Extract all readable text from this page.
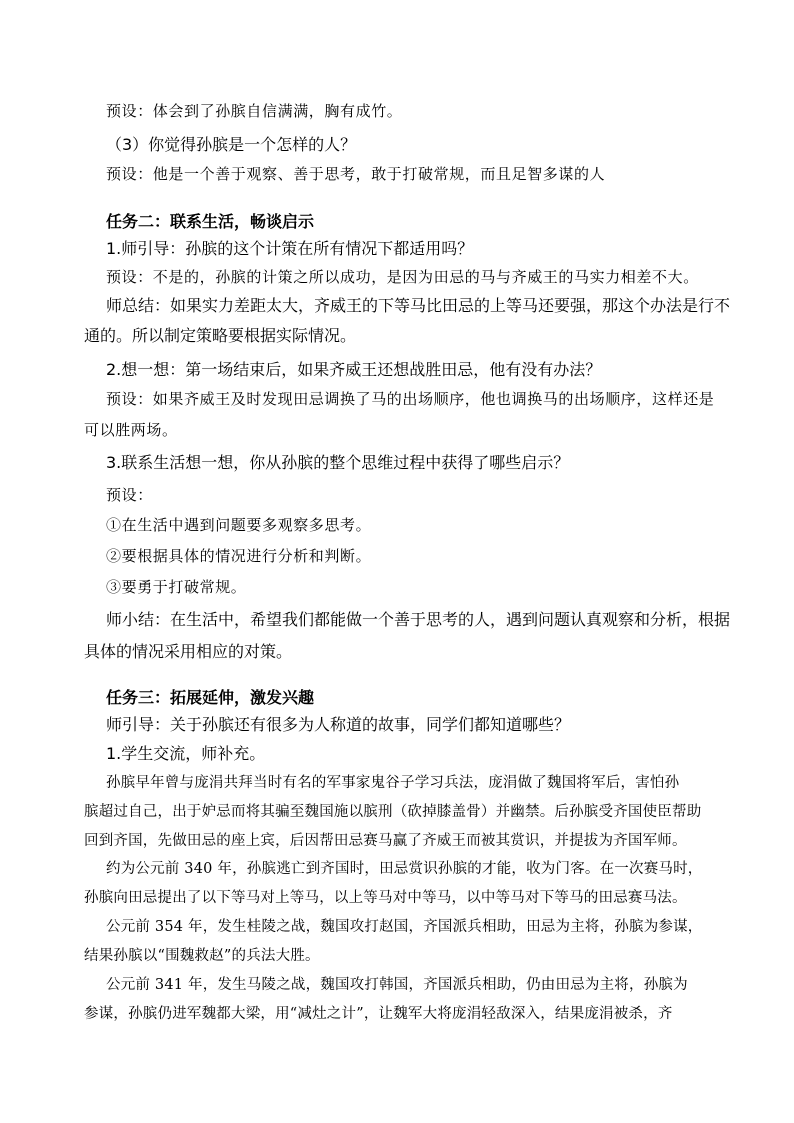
预设：体会到了孙膑自信满满，胸有成竹。
（3）你觉得孙膑是一个怎样的人？
预设：他是一个善于观察、善于思考，敢于打破常规，而且足智多谋的人
任务二：联系生活，畅谈启示
1.师引导：孙膑的这个计策在所有情况下都适用吗？
预设：不是的，孙膑的计策之所以成功，是因为田忌的马与齐威王的马实力相差不大。
师总结：如果实力差距太大，齐威王的下等马比田忌的上等马还要强，那这个办法是行不
通的。所以制定策略要根据实际情况。
2.想一想：第一场结束后，如果齐威王还想战胜田忌，他有没有办法？
预设：如果齐威王及时发现田忌调换了马的出场顺序，他也调换马的出场顺序，这样还是
可以胜两场。
3.联系生活想一想，你从孙膑的整个思维过程中获得了哪些启示？
预设：
①在生活中遇到问题要多观察多思考。
②要根据具体的情况进行分析和判断。
③要勇于打破常规。
师小结：在生活中，希望我们都能做一个善于思考的人，遇到问题认真观察和分析，根据
具体的情况采用相应的对策。
任务三：拓展延伸，激发兴趣
师引导：关于孙膑还有很多为人称道的故事，同学们都知道哪些？
1.学生交流，师补充。
孙膑早年曾与庞涓共拜当时有名的军事家鬼谷子学习兵法，庞涓做了魏国将军后，害怕孙
膑超过自己，出于妒忌而将其骗至魏国施以膑刑（砍掉膝盖骨）并幽禁。后孙膑受齐国使臣帮助
回到齐国，先做田忌的座上宾，后因帮田忌赛马赢了齐威王而被其赏识，并提拔为齐国军师。
约为公元前 340 年，孙膑逃亡到齐国时，田忌赏识孙膑的才能，收为门客。在一次赛马时，
孙膑向田忌提出了以下等马对上等马，以上等马对中等马，以中等马对下等马的田忌赛马法。
公元前 354 年，发生桂陵之战，魏国攻打赵国，齐国派兵相助，田忌为主将，孙膑为参谋，
结果孙膑以“围魏救赵”的兵法大胜。
公元前 341 年，发生马陵之战，魏国攻打韩国，齐国派兵相助，仍由田忌为主将，孙膑为
参谋，孙膑仍进军魏都大梁，用“减灶之计”，让魏军大将庞涓轻敌深入，结果庞涓被杀，齐
